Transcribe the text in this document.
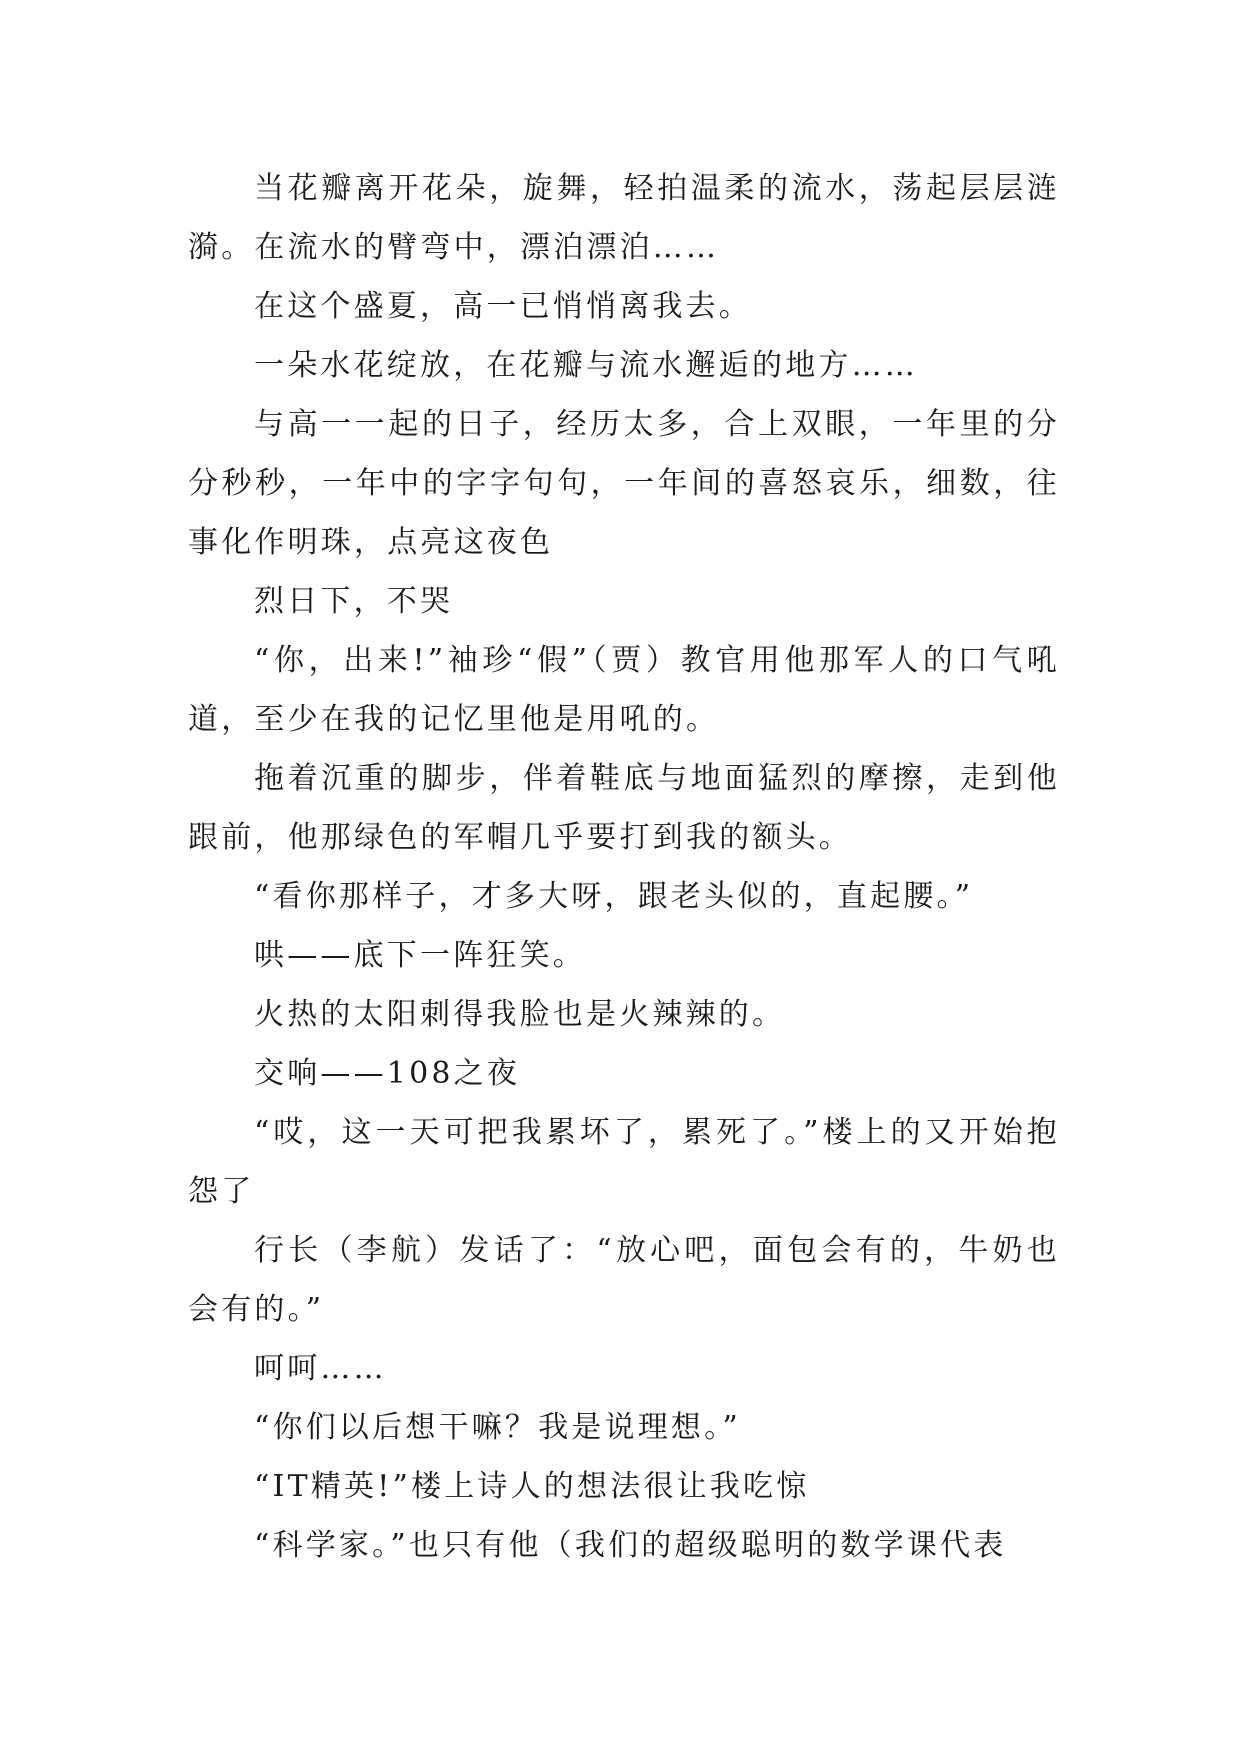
当花瓣离开花朵，旋舞，轻拍温柔的流水，荡起层层涟漪。在流水的臂弯中，漂泊漂泊……

在这个盛夏，高一已悄悄离我去。

一朵水花绽放，在花瓣与流水邂逅的地方……

与高一一起的日子，经历太多，合上双眼，一年里的分分秒秒，一年中的字字句句，一年间的喜怒哀乐，细数，往事化作明珠，点亮这夜色

烈日下，不哭

“你，出来!”袖珍“假”（贾）教官用他那军人的口气吼道，至少在我的记忆里他是用吼的。

拖着沉重的脚步，伴着鞋底与地面猛烈的摩擦，走到他跟前，他那绿色的军帽几乎要打到我的额头。

“看你那样子，才多大呀，跟老头似的，直起腰。”

哄——底下一阵狂笑。

火热的太阳刺得我脸也是火辣辣的。

交响——108之夜

“哎，这一天可把我累坏了，累死了。”楼上的又开始抱怨了

行长（李航）发话了：“放心吧，面包会有的，牛奶也会有的。”

呵呵……

“你们以后想干嘛？我是说理想。”

“IT精英!”楼上诗人的想法很让我吃惊

“科学家。”也只有他（我们的超级聪明的数学课代表
